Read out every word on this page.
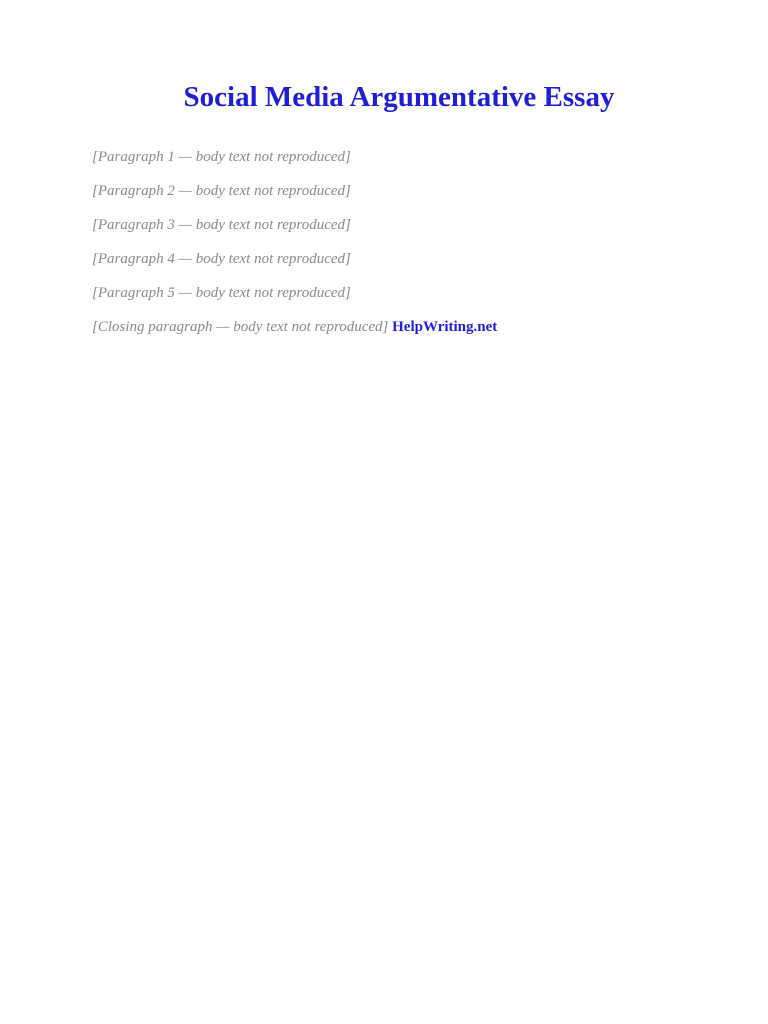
Social Media Argumentative Essay

[Paragraph 1 — body text not reproduced]

[Paragraph 2 — body text not reproduced]

[Paragraph 3 — body text not reproduced]

[Paragraph 4 — body text not reproduced]

[Paragraph 5 — body text not reproduced]

[Closing paragraph — body text not reproduced] HelpWriting.net
